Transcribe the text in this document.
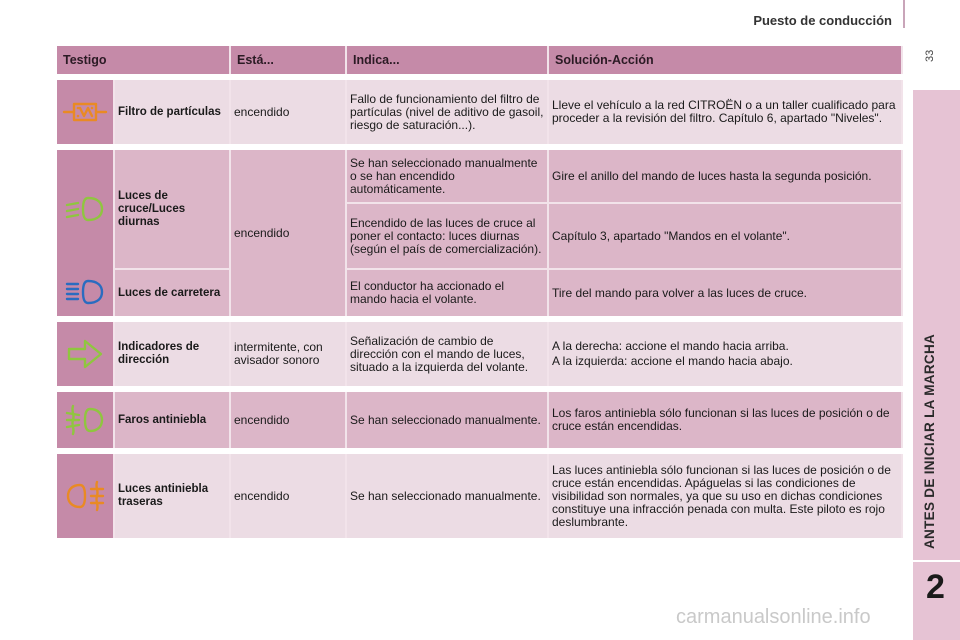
Puesto de conducción
33
ANTES DE INICIAR LA MARCHA
2
Testigo		Está...	Indica...	Solución-Acción

	Filtro de partículas	encendido	Fallo de funcionamiento del filtro de partículas (nivel de aditivo de gasoil, riesgo de saturación...).	Lleve el vehículo a la red CITROËN o a un taller cualificado para proceder a la revisión del filtro. Capítulo 6, apartado "Niveles".

	Luces de cruce/Luces diurnas	encendido	Se han seleccionado manualmente o se han encendido automáticamente.	Gire el anillo del mando de luces hasta la segunda posición.
			Encendido de las luces de cruce al poner el contacto: luces diurnas (según el país de comercialización).	Capítulo 3, apartado "Mandos en el volante".

	Luces de carretera		El conductor ha accionado el mando hacia el volante.	Tire del mando para volver a las luces de cruce.

	Indicadores de dirección	intermitente, con avisador sonoro	Señalización de cambio de dirección con el mando de luces, situado a la izquierda del volante.	A la derecha: accione el mando hacia arriba.
A la izquierda: accione el mando hacia abajo.

	Faros antiniebla	encendido	Se han seleccionado manualmente.	Los faros antiniebla sólo funcionan si las luces de posición o de cruce están encendidas.

	Luces antiniebla traseras	encendido	Se han seleccionado manualmente.	Las luces antiniebla sólo funcionan si las luces de posición o de cruce están encendidas. Apáguelas si las condiciones de visibilidad son normales, ya que su uso en dichas condiciones constituye una infracción penada con multa. Este piloto es rojo deslumbrante.
carmanualsonline.info
